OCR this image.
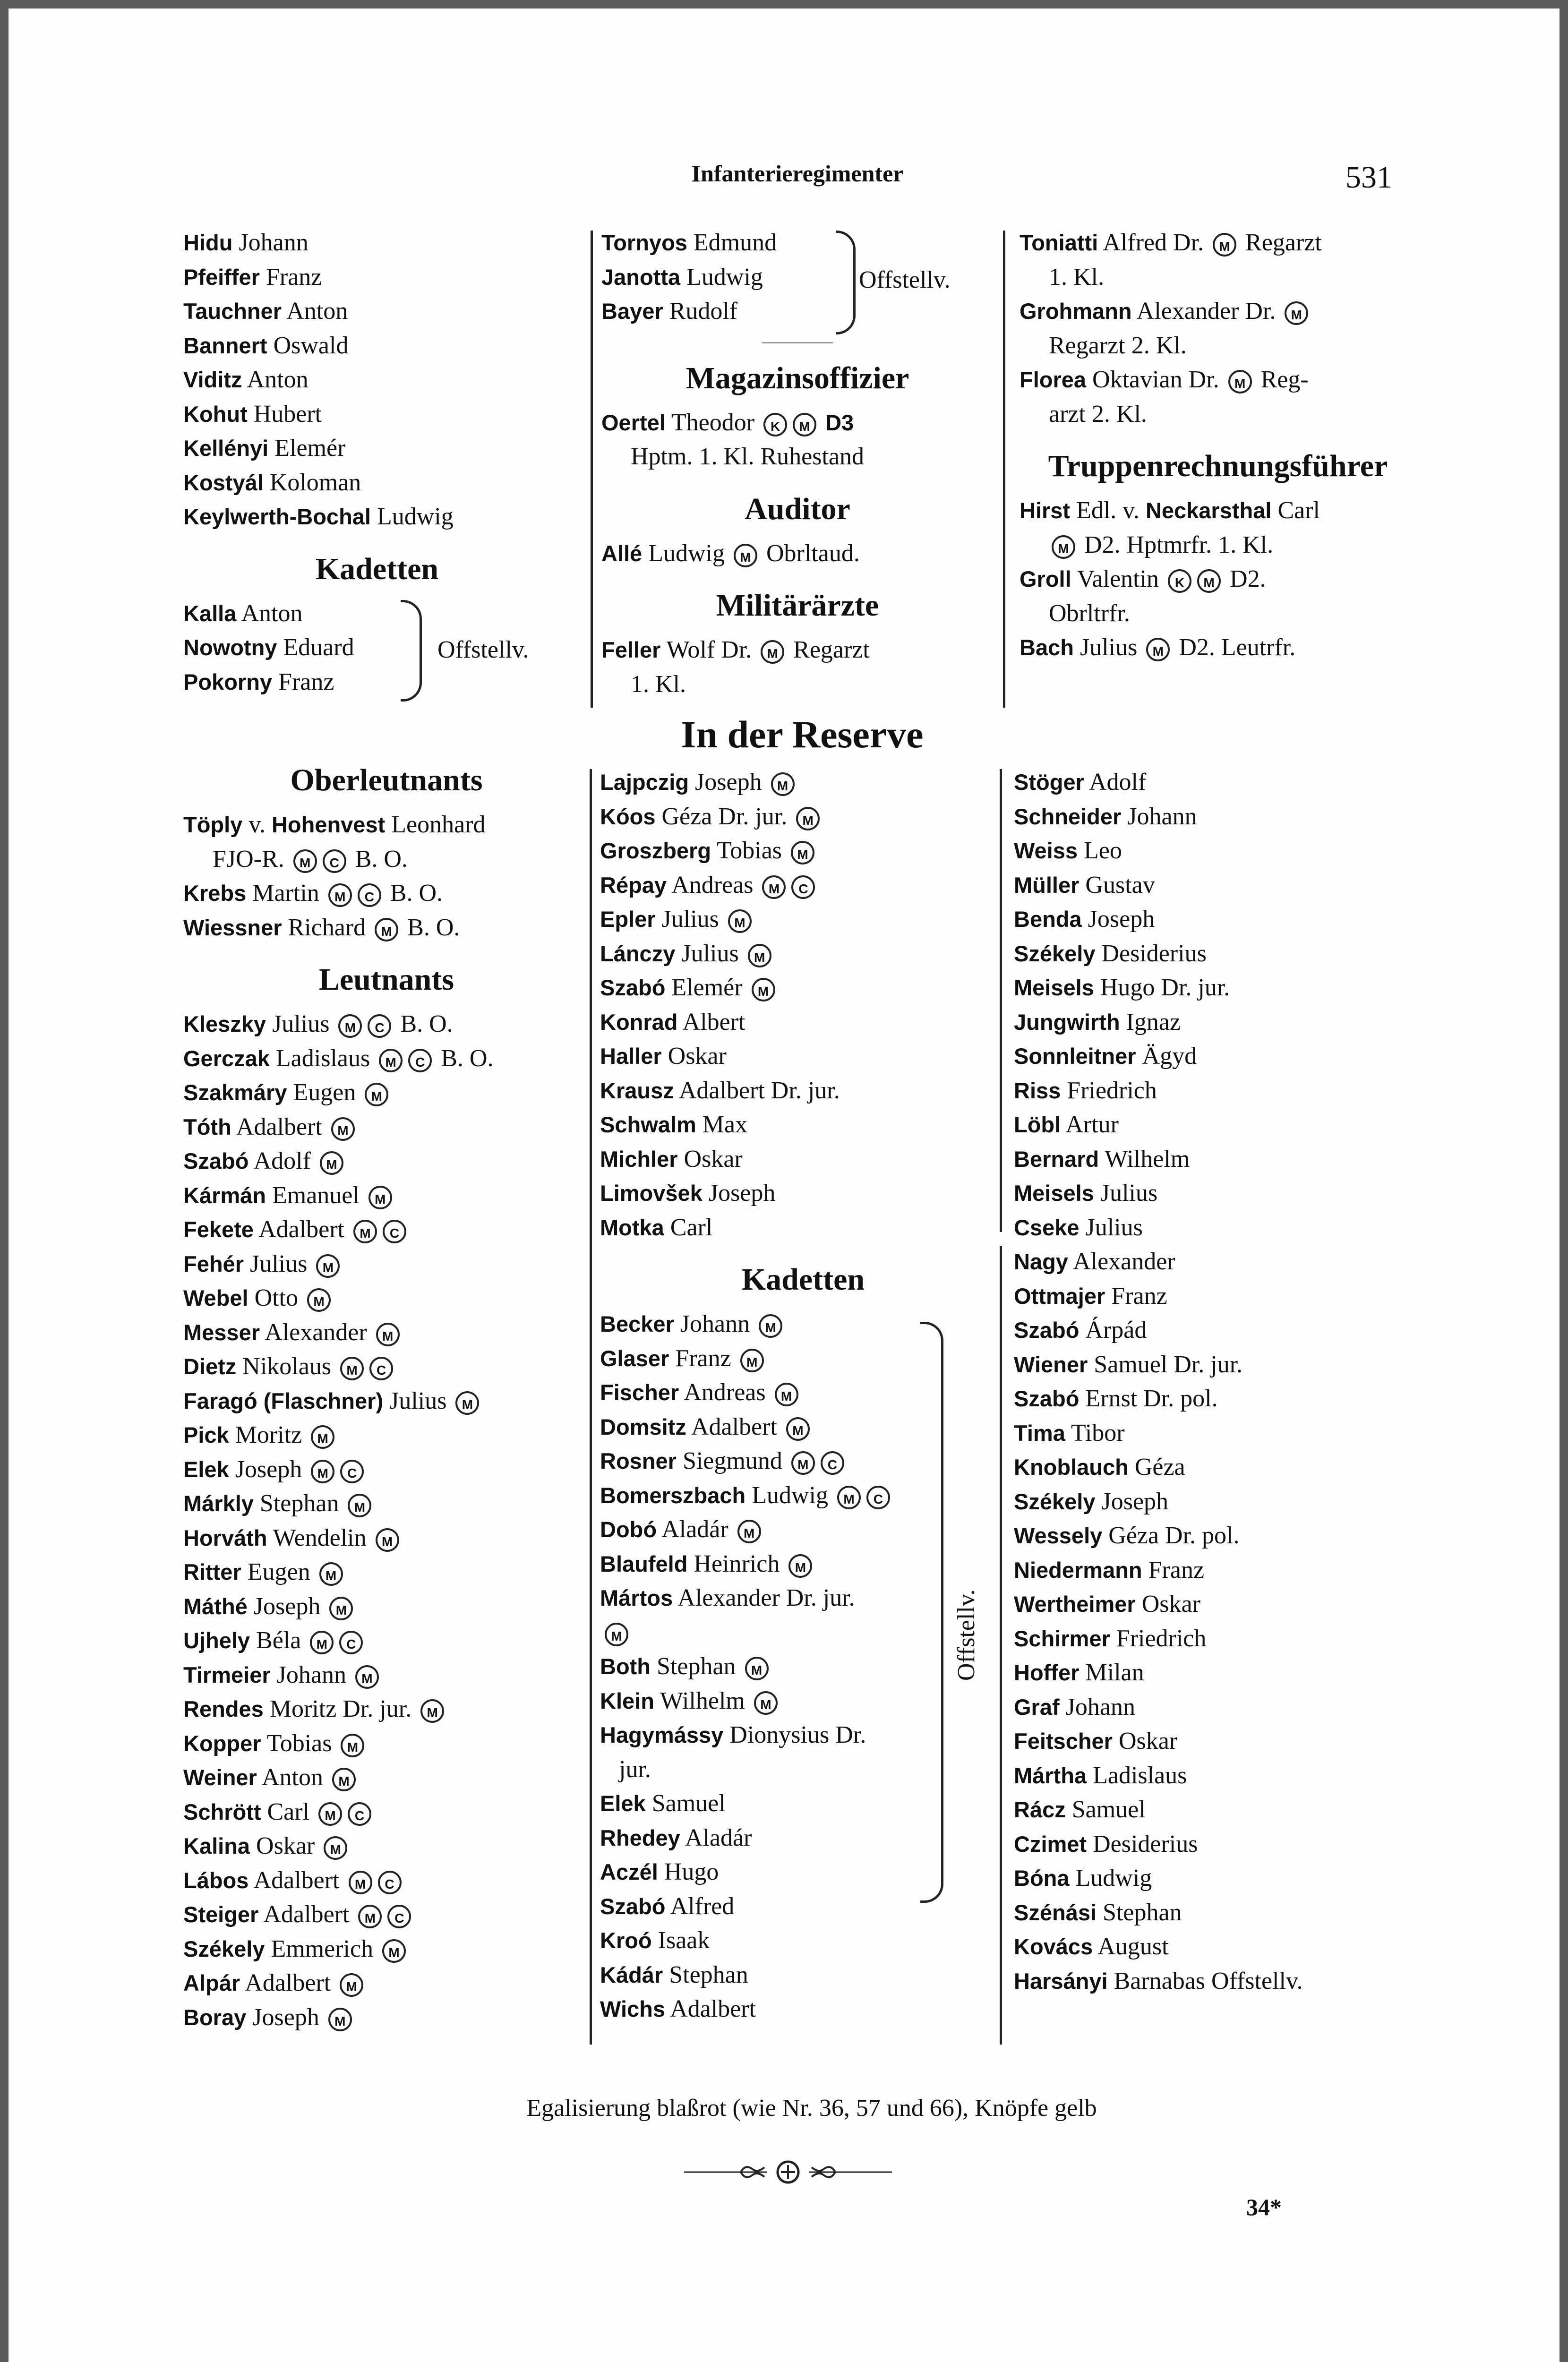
Infanterieregimenter	531
Hidu Johann
Pfeiffer Franz
Tauchner Anton
Bannert Oswald
Viditz Anton
Kohut Hubert
Kellényi Elemér
Kostyál Koloman
Keylwerth-Bochal Ludwig
Kadetten
Kalla Anton
Nowotny Eduard
Pokorny Franz
Offstellv.
Tornyos Edmund
Janotta Ludwig
Bayer Rudolf
Magazinsoffizier
Oertel Theodor K M D3
Hptm. 1. Kl. Ruhestand
Auditor
Allé Ludwig M Obrltaud.
Militärärzte
Feller Wolf Dr. M Regarzt
1. Kl.
Offstellv.
Toniatti Alfred Dr. M Regarzt
1. Kl.
Grohmann Alexander Dr. M
Regarzt 2. Kl.
Florea Oktavian Dr. M Reg-
arzt 2. Kl.
Truppenrechnungsführer
Hirst Edl. v. Neckarsthal Carl
M D2. Hptmrfr. 1. Kl.
Groll Valentin K M D2.
Obrltrfr.
Bach Julius M D2. Leutrfr.
In der Reserve
Oberleutnants
Töply v. Hohenvest Leonhard
FJO-R. M C B. O.
Krebs Martin M C B. O.
Wiessner Richard M B. O.
Leutnants
Kleszky Julius M C B. O.
Gerczak Ladislaus M C B. O.
Szakmáry Eugen M
Tóth Adalbert M
Szabó Adolf M
Kármán Emanuel M
Fekete Adalbert M C
Fehér Julius M
Webel Otto M
Messer Alexander M
Dietz Nikolaus M C
Faragó (Flaschner) Julius M
Pick Moritz M
Elek Joseph M C
Márkly Stephan M
Horváth Wendelin M
Ritter Eugen M
Máthé Joseph M
Ujhely Béla M C
Tirmeier Johann M
Rendes Moritz Dr. jur. M
Kopper Tobias M
Weiner Anton M
Schrött Carl M C
Kalina Oskar M
Lábos Adalbert M C
Steiger Adalbert M C
Székely Emmerich M
Alpár Adalbert M
Boray Joseph M
Lajpczig Joseph M
Kóos Géza Dr. jur. M
Groszberg Tobias M
Répay Andreas M C
Epler Julius M
Lánczy Julius M
Szabó Elemér M
Konrad Albert
Haller Oskar
Krausz Adalbert Dr. jur.
Schwalm Max
Michler Oskar
Limovšek Joseph
Motka Carl
Kadetten
Becker Johann M
Glaser Franz M
Fischer Andreas M
Domsitz Adalbert M
Rosner Siegmund M C
Bomerszbach Ludwig M C
Dobó Aladár M
Blaufeld Heinrich M
Mártos Alexander Dr. jur.
M
Both Stephan M
Klein Wilhelm M
Hagymássy Dionysius Dr.
jur.
Elek Samuel
Rhedey Aladár
Aczél Hugo
Szabó Alfred
Kroó Isaak
Kádár Stephan
Wichs Adalbert
Offstellv.
Stöger Adolf
Schneider Johann
Weiss Leo
Müller Gustav
Benda Joseph
Székely Desiderius
Meisels Hugo Dr. jur.
Jungwirth Ignaz
Sonnleitner Ägyd
Riss Friedrich
Löbl Artur
Bernard Wilhelm
Meisels Julius
Cseke Julius
Nagy Alexander
Ottmajer Franz
Szabó Árpád
Wiener Samuel Dr. jur.
Szabó Ernst Dr. pol.
Tima Tibor
Knoblauch Géza
Székely Joseph
Wessely Géza Dr. pol.
Niedermann Franz
Wertheimer Oskar
Schirmer Friedrich
Hoffer Milan
Graf Johann
Feitscher Oskar
Mártha Ladislaus
Rácz Samuel
Czimet Desiderius
Bóna Ludwig
Szénási Stephan
Kovács August
Harsányi Barnabas Offstellv.
Egalisierung blaßrot (wie Nr. 36, 57 und 66), Knöpfe gelb
34*
